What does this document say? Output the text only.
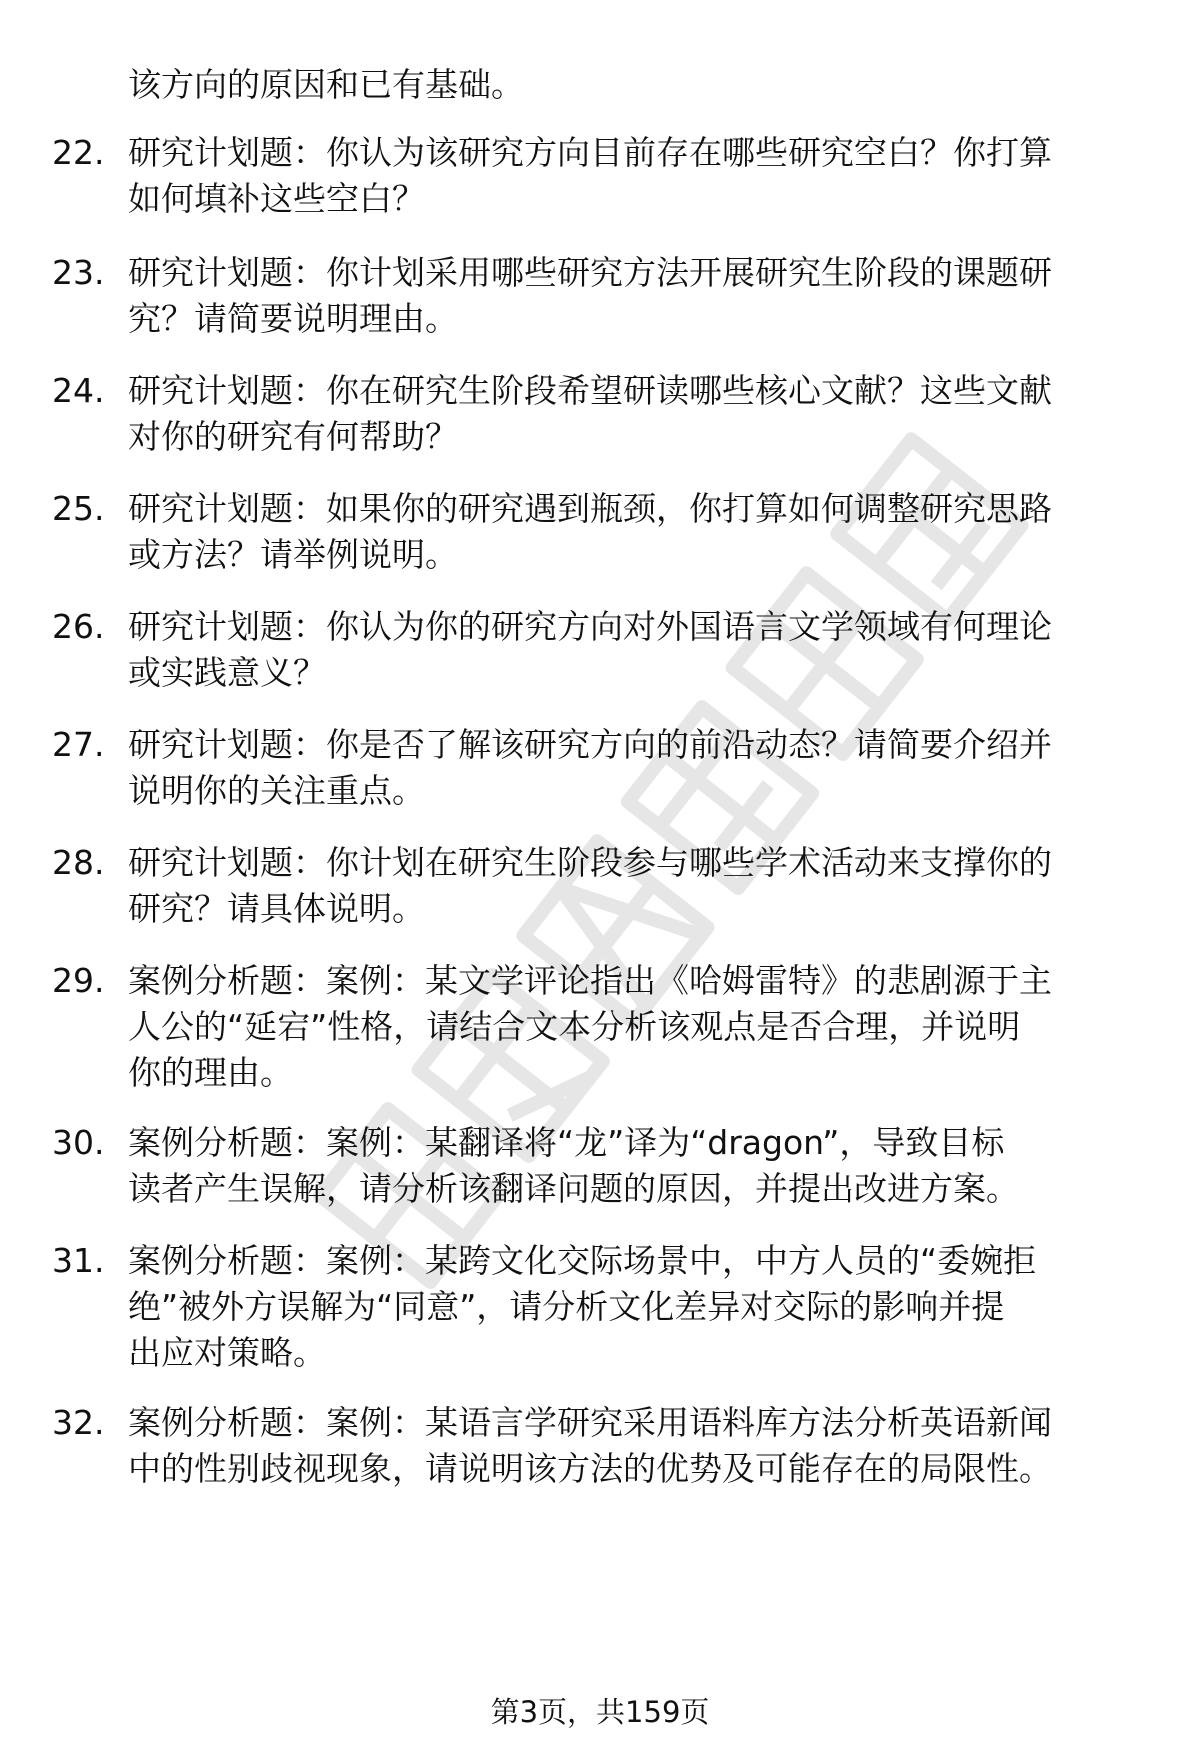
该方向的原因和已有基础。
22. 研究计划题：你认为该研究方向目前存在哪些研究空白？你打算
如何填补这些空白？
23. 研究计划题：你计划采用哪些研究方法开展研究生阶段的课题研
究？请简要说明理由。
24. 研究计划题：你在研究生阶段希望研读哪些核心文献？这些文献
对你的研究有何帮助？
25. 研究计划题：如果你的研究遇到瓶颈，你打算如何调整研究思路
或方法？请举例说明。
26. 研究计划题：你认为你的研究方向对外国语言文学领域有何理论
或实践意义？
27. 研究计划题：你是否了解该研究方向的前沿动态？请简要介绍并
说明你的关注重点。
28. 研究计划题：你计划在研究生阶段参与哪些学术活动来支撑你的
研究？请具体说明。
29. 案例分析题：案例：某文学评论指出《哈姆雷特》的悲剧源于主
人公的“延宕”性格，请结合文本分析该观点是否合理，并说明
你的理由。
30. 案例分析题：案例：某翻译将“龙”译为“dragon”，导致目标
读者产生误解，请分析该翻译问题的原因，并提出改进方案。
31. 案例分析题：案例：某跨文化交际场景中，中方人员的“委婉拒
绝”被外方误解为“同意”，请分析文化差异对交际的影响并提
出应对策略。
32. 案例分析题：案例：某语言学研究采用语料库方法分析英语新闻
中的性别歧视现象，请说明该方法的优势及可能存在的局限性。
第3页，共159页
